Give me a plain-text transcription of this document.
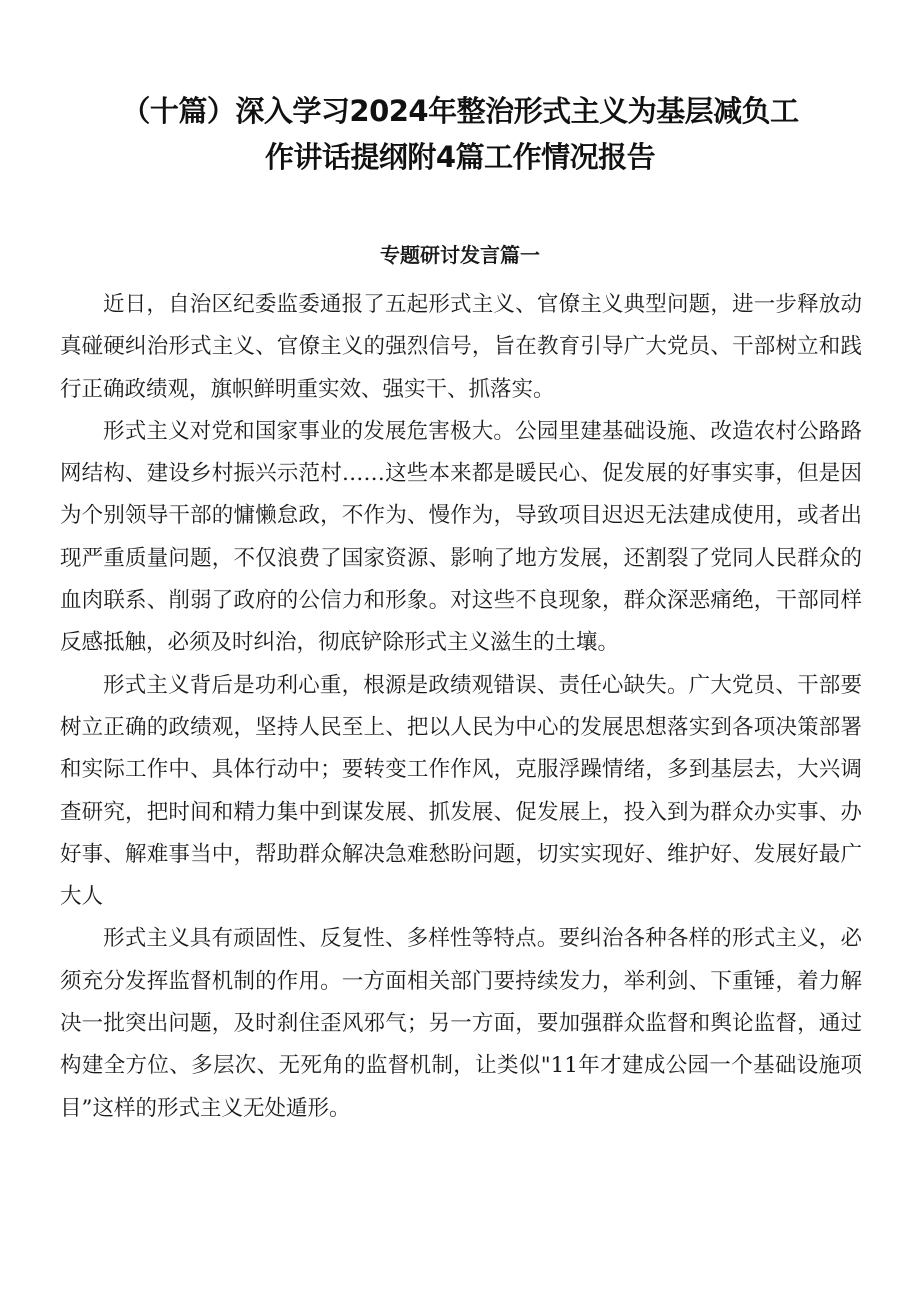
（十篇）深入学习2024年整治形式主义为基层减负工
作讲话提纲附4篇工作情况报告
专题研讨发言篇一

近日，自治区纪委监委通报了五起形式主义、官僚主义典型问题，进一步释放动真碰硬纠治形式主义、官僚主义的强烈信号，旨在教育引导广大党员、干部树立和践行正确政绩观，旗帜鲜明重实效、强实干、抓落实。

形式主义对党和国家事业的发展危害极大。公园里建基础设施、改造农村公路路网结构、建设乡村振兴示范村……这些本来都是暖民心、促发展的好事实事，但是因为个别领导干部的慵懒怠政，不作为、慢作为，导致项目迟迟无法建成使用，或者出现严重质量问题，不仅浪费了国家资源、影响了地方发展，还割裂了党同人民群众的血肉联系、削弱了政府的公信力和形象。对这些不良现象，群众深恶痛绝，干部同样反感抵触，必须及时纠治，彻底铲除形式主义滋生的土壤。

形式主义背后是功利心重，根源是政绩观错误、责任心缺失。广大党员、干部要树立正确的政绩观，坚持人民至上、把以人民为中心的发展思想落实到各项决策部署和实际工作中、具体行动中；要转变工作作风，克服浮躁情绪，多到基层去，大兴调查研究，把时间和精力集中到谋发展、抓发展、促发展上，投入到为群众办实事、办好事、解难事当中，帮助群众解决急难愁盼问题，切实实现好、维护好、发展好最广大人

形式主义具有顽固性、反复性、多样性等特点。要纠治各种各样的形式主义，必须充分发挥监督机制的作用。一方面相关部门要持续发力，举利剑、下重锤，着力解决一批突出问题，及时刹住歪风邪气；另一方面，要加强群众监督和舆论监督，通过构建全方位、多层次、无死角的监督机制，让类似"11年才建成公园一个基础设施项目”这样的形式主义无处遁形。
